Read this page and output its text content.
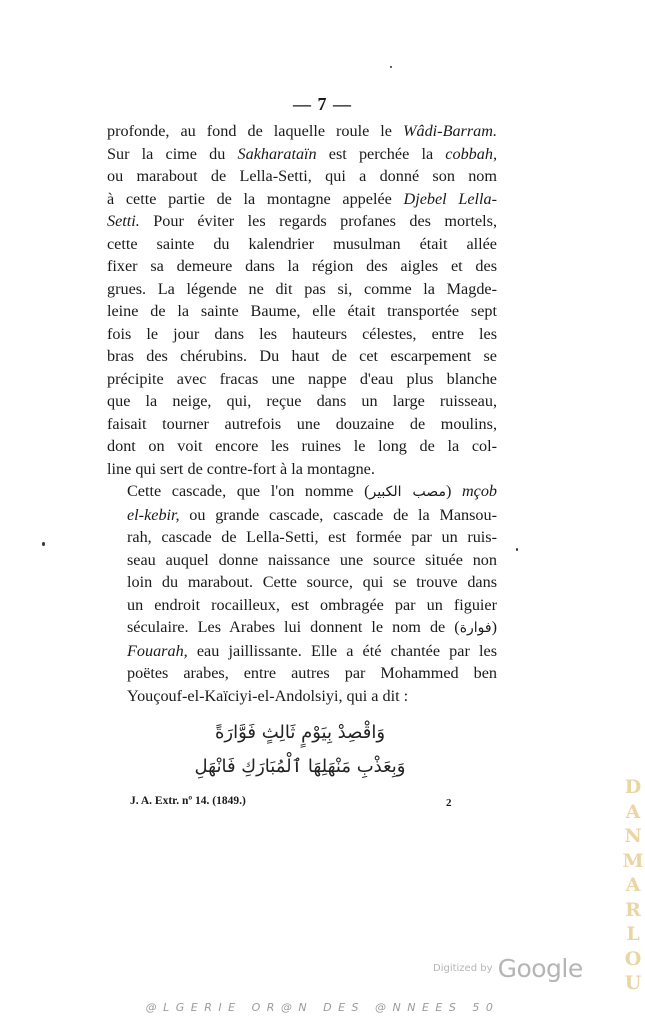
— 7 —

profonde, au fond de laquelle roule le Wâdi-Barram.
Sur la cime du Sakharataïn est perchée la cobbah,
ou marabout de Lella-Setti, qui a donné son nom
à cette partie de la montagne appelée Djebel Lella-
Setti. Pour éviter les regards profanes des mortels,
cette sainte du kalendrier musulman était allée
fixer sa demeure dans la région des aigles et des
grues. La légende ne dit pas si, comme la Magde-
leine de la sainte Baume, elle était transportée sept
fois le jour dans les hauteurs célestes, entre les
bras des chérubins. Du haut de cet escarpement se
précipite avec fracas une nappe d'eau plus blanche
que la neige, qui, reçue dans un large ruisseau,
faisait tourner autrefois une douzaine de moulins,
dont on voit encore les ruines le long de la col-
line qui sert de contre-fort à la montagne.

Cette cascade, que l'on nomme (مصب الكبير) mçob
el-kebir, ou grande cascade, cascade de la Mansou-
rah, cascade de Lella-Setti, est formée par un ruis-
seau auquel donne naissance une source située non
loin du marabout. Cette source, qui se trouve dans
un endroit rocailleux, est ombragée par un figuier
séculaire. Les Arabes lui donnent le nom de (فوارة)
Fouarah, eau jaillissante. Elle a été chantée par les
poëtes arabes, entre autres par Mohammed ben
Youçouf-el-Kaïciyi-el-Andolsiyi, qui a dit :

وَاقْصِدْ بِيَوْمٍ ثَالِثٍ فَوَّارَةً
وَبِعَذْبِ مَنْهَلِهَا ٱلْمُبَارَكِ فَانْهَلِ
J. A. Extr. nº 14. (1849.)	2
Digitized by Google
DANMARLOU
@LGERIE OR@N DES @NNEES 50
